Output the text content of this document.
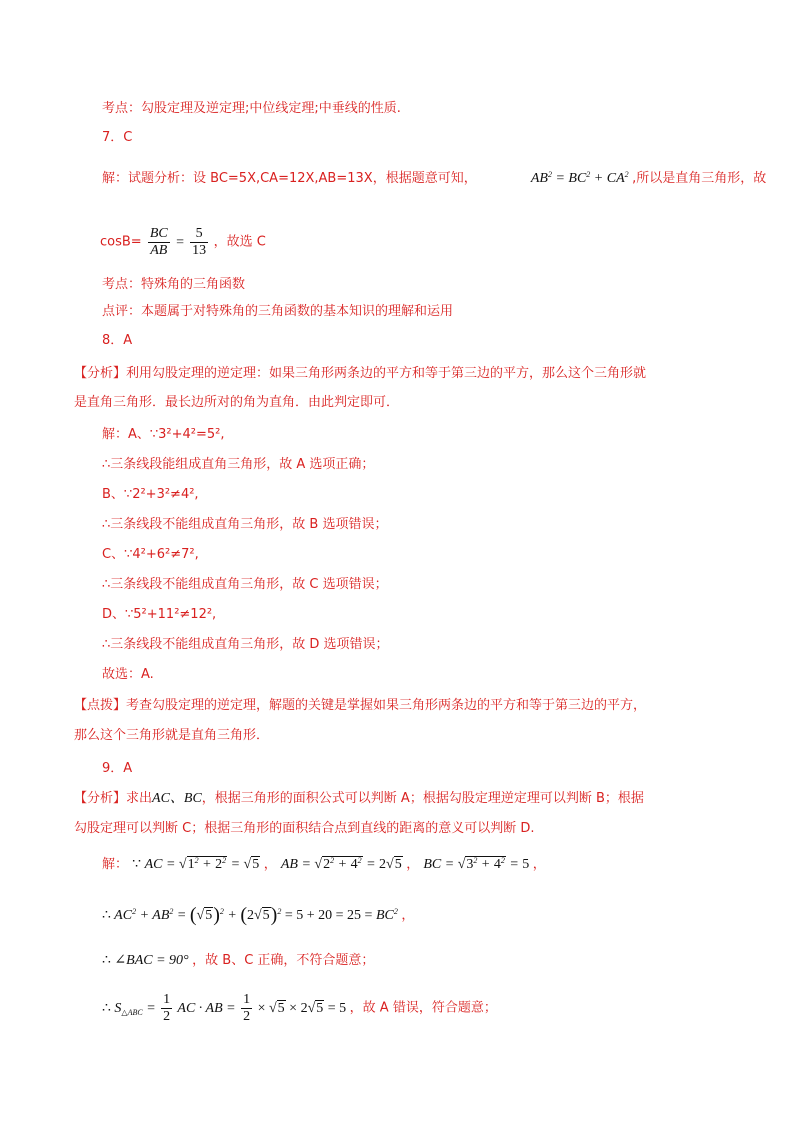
考点：勾股定理及逆定理;中位线定理;中垂线的性质.
7．C
解：试题分析：设 BC=5X,CA=12X,AB=13X，根据题意可知，	$AB^2 = BC^2 + CA^2$ ,所以是直角三角形，故
$\cos B= \frac{BC}{AB} = \frac{5}{13}$ ，故选 C
考点：特殊角的三角函数
点评：本题属于对特殊角的三角函数的基本知识的理解和运用
8．A
【分析】利用勾股定理的逆定理：如果三角形两条边的平方和等于第三边的平方，那么这个三角形就
是直角三角形．最长边所对的角为直角．由此判定即可．
解：A、∵3²+4²=5²,
∴三条线段能组成直角三角形，故 A 选项正确；
B、∵2²+3²≠4²,
∴三条线段不能组成直角三角形，故 B 选项错误；
C、∵4²+6²≠7²,
∴三条线段不能组成直角三角形，故 C 选项错误；
D、∵5²+11²≠12²,
∴三条线段不能组成直角三角形，故 D 选项错误；
故选：A.
【点拨】考查勾股定理的逆定理，解题的关键是掌握如果三角形两条边的平方和等于第三边的平方，
那么这个三角形就是直角三角形．
9．A
【分析】求出AC、BC，根据三角形的面积公式可以判断 A；根据勾股定理逆定理可以判断 B；根据
勾股定理可以判断 C；根据三角形的面积结合点到直线的距离的意义可以判断 D.
解： ∵ AC = $√1^2 + 2^2 = √5$ ， AB = $√2^2 + 4^2 = 2√5$ ， BC = $√3^2 + 4^2 = 5$ ，
∴ $AC^2 + AB^2 = (√5)^2 + (2√5)^2 = 5 + 20 = 25 = BC^2$ ，
∴ ∠BAC = 90° ，故 B、C 正确，不符合题意；
∴ $S_{\triangle ABC} = \frac{1}{2}$ AC · AB = $\frac{1}{2} \times √5 \times 2√5 = 5$ ，故 A 错误，符合题意；
